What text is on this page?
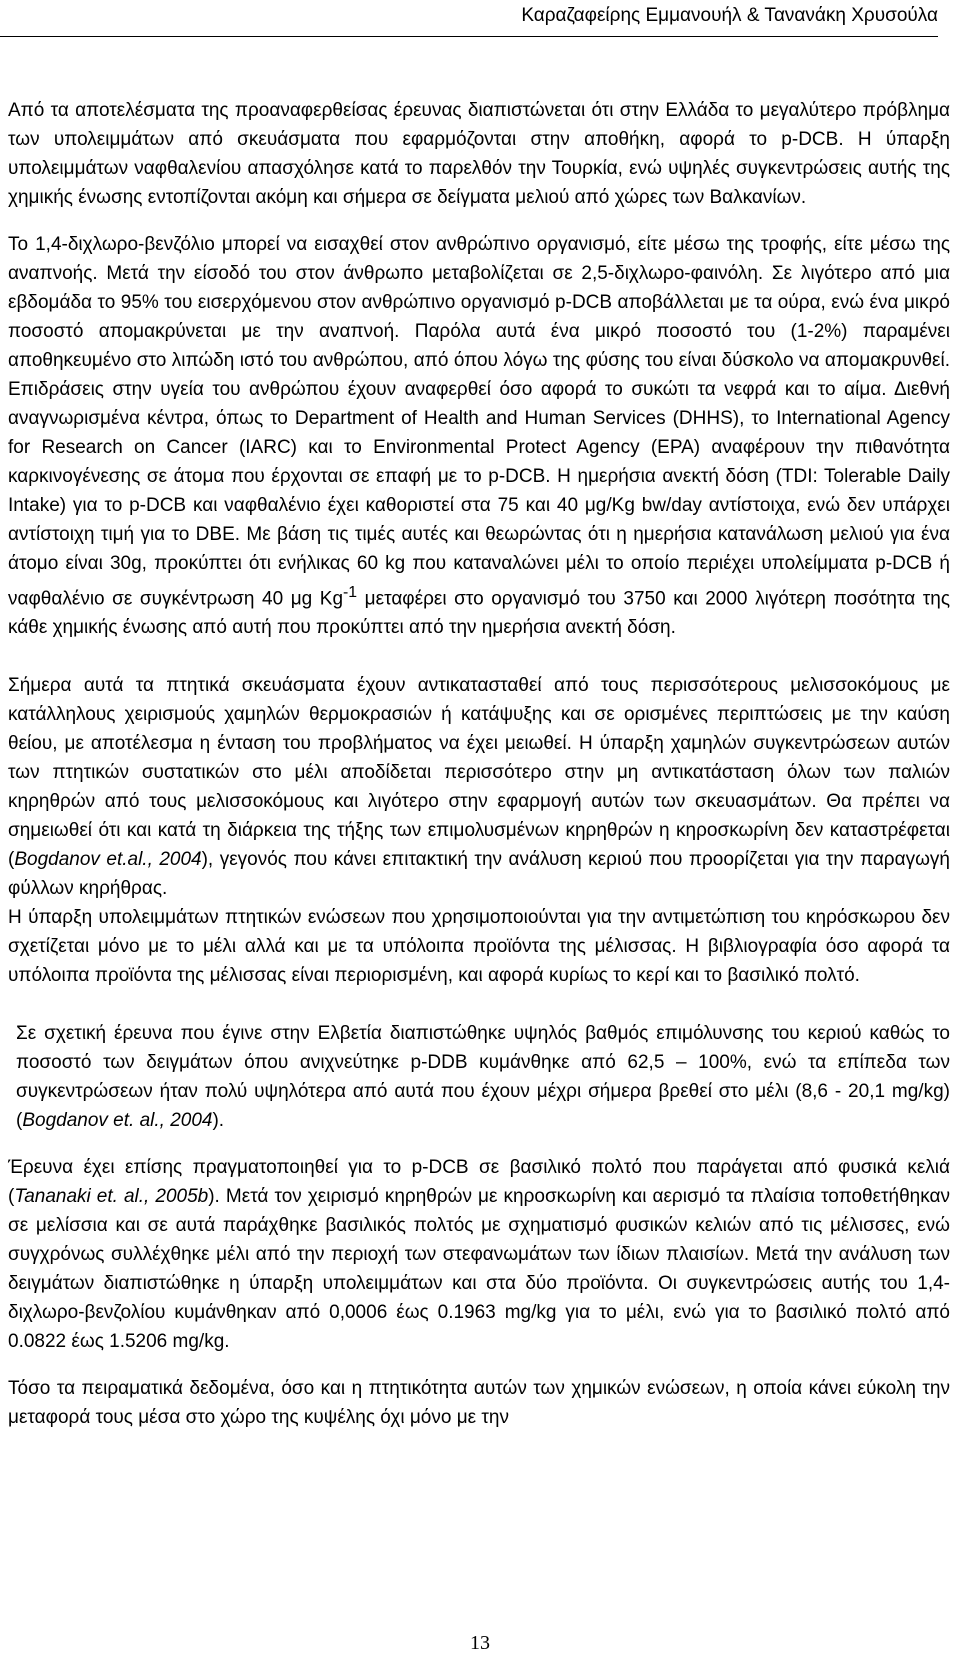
Καραζαφείρης Εμμανουήλ & Τανανάκη Χρυσούλα

Από τα αποτελέσματα της προαναφερθείσας έρευνας διαπιστώνεται ότι στην Ελλάδα το μεγαλύτερο πρόβλημα των υπολειμμάτων από σκευάσματα που εφαρμόζονται στην αποθήκη, αφορά το p-DCB. Η ύπαρξη υπολειμμάτων ναφθαλενίου απασχόλησε κατά το παρελθόν την Τουρκία, ενώ υψηλές συγκεντρώσεις αυτής της χημικής ένωσης εντοπίζονται ακόμη και σήμερα σε δείγματα μελιού από χώρες των Βαλκανίων.

Το 1,4-διχλωρο-βενζόλιο μπορεί να εισαχθεί στον ανθρώπινο οργανισμό, είτε μέσω της τροφής, είτε μέσω της αναπνοής. Μετά την είσοδό του στον άνθρωπο μεταβολίζεται σε 2,5-διχλωρο-φαινόλη. Σε λιγότερο από μια εβδομάδα το 95% του εισερχόμενου στον ανθρώπινο οργανισμό p-DCB αποβάλλεται με τα ούρα, ενώ ένα μικρό ποσοστό απομακρύνεται με την αναπνοή. Παρόλα αυτά ένα μικρό ποσοστό του (1-2%) παραμένει αποθηκευμένο στο λιπώδη ιστό του ανθρώπου, από όπου λόγω της φύσης του είναι δύσκολο να απομακρυνθεί. Επιδράσεις στην υγεία του ανθρώπου έχουν αναφερθεί όσο αφορά το συκώτι τα νεφρά και το αίμα. Διεθνή αναγνωρισμένα κέντρα, όπως το Department of Health and Human Services (DHHS), το International Agency for Research on Cancer (IARC) και το Environmental Protect Agency (EPA) αναφέρουν την πιθανότητα καρκινογένεσης σε άτομα που έρχονται σε επαφή με το p-DCB. Η ημερήσια ανεκτή δόση (TDI: Tolerable Daily Intake) για το p-DCB και ναφθαλένιο έχει καθοριστεί στα 75 και 40 μg/Kg bw/day αντίστοιχα, ενώ δεν υπάρχει αντίστοιχη τιμή για το DBE. Με βάση τις τιμές αυτές και θεωρώντας ότι η ημερήσια κατανάλωση μελιού για ένα άτομο είναι 30g, προκύπτει ότι ενήλικας 60 kg που καταναλώνει μέλι το οποίο περιέχει υπολείμματα p-DCB ή ναφθαλένιο σε συγκέντρωση 40 μg $Kg^{-1}$ μεταφέρει στο οργανισμό του 3750 και 2000 λιγότερη ποσότητα της κάθε χημικής ένωσης από αυτή που προκύπτει από την ημερήσια ανεκτή δόση.

Σήμερα αυτά τα πτητικά σκευάσματα έχουν αντικατασταθεί από τους περισσότερους μελισσοκόμους με κατάλληλους χειρισμούς χαμηλών θερμοκρασιών ή κατάψυξης και σε ορισμένες περιπτώσεις με την καύση θείου, με αποτέλεσμα η ένταση του προβλήματος να έχει μειωθεί. Η ύπαρξη χαμηλών συγκεντρώσεων αυτών των πτητικών συστατικών στο μέλι αποδίδεται περισσότερο στην μη αντικατάσταση όλων των παλιών κηρηθρών από τους μελισσοκόμους και λιγότερο στην εφαρμογή αυτών των σκευασμάτων. Θα πρέπει να σημειωθεί ότι και κατά τη διάρκεια της τήξης των επιμολυσμένων κηρηθρών η κηροσκωρίνη δεν καταστρέφεται (Bogdanov et.al., 2004), γεγονός που κάνει επιτακτική την ανάλυση κεριού που προορίζεται για την παραγωγή φύλλων κηρήθρας.

Η ύπαρξη υπολειμμάτων πτητικών ενώσεων που χρησιμοποιούνται για την αντιμετώπιση του κηρόσκωρου δεν σχετίζεται μόνο με το μέλι αλλά και με τα υπόλοιπα προϊόντα της μέλισσας. Η βιβλιογραφία όσο αφορά τα υπόλοιπα προϊόντα της μέλισσας είναι περιορισμένη, και αφορά κυρίως το κερί και το βασιλικό πολτό.

Σε σχετική έρευνα που έγινε στην Ελβετία διαπιστώθηκε υψηλός βαθμός επιμόλυνσης του κεριού καθώς το ποσοστό των δειγμάτων όπου ανιχνεύτηκε p-DDB κυμάνθηκε από 62,5 – 100%, ενώ τα επίπεδα των συγκεντρώσεων ήταν πολύ υψηλότερα από αυτά που έχουν μέχρι σήμερα βρεθεί στο μέλι (8,6 - 20,1 mg/kg) (Bogdanov et. al., 2004).

Έρευνα έχει επίσης πραγματοποιηθεί για το p-DCB σε βασιλικό πολτό που παράγεται από φυσικά κελιά (Tananaki et. al., 2005b). Μετά τον χειρισμό κηρηθρών με κηροσκωρίνη και αερισμό τα πλαίσια τοποθετήθηκαν σε μελίσσια και σε αυτά παράχθηκε βασιλικός πολτός με σχηματισμό φυσικών κελιών από τις μέλισσες, ενώ συγχρόνως συλλέχθηκε μέλι από την περιοχή των στεφανωμάτων των ίδιων πλαισίων. Μετά την ανάλυση των δειγμάτων διαπιστώθηκε η ύπαρξη υπολειμμάτων και στα δύο προϊόντα. Οι συγκεντρώσεις αυτής του 1,4-διχλωρο-βενζολίου κυμάνθηκαν από 0,0006 έως 0.1963 mg/kg για το μέλι, ενώ για το βασιλικό πολτό από 0.0822 έως 1.5206 mg/kg.

Τόσο τα πειραματικά δεδομένα, όσο και η πτητικότητα αυτών των χημικών ενώσεων, η οποία κάνει εύκολη την μεταφορά τους μέσα στο χώρο της κυψέλης όχι μόνο με την

13
